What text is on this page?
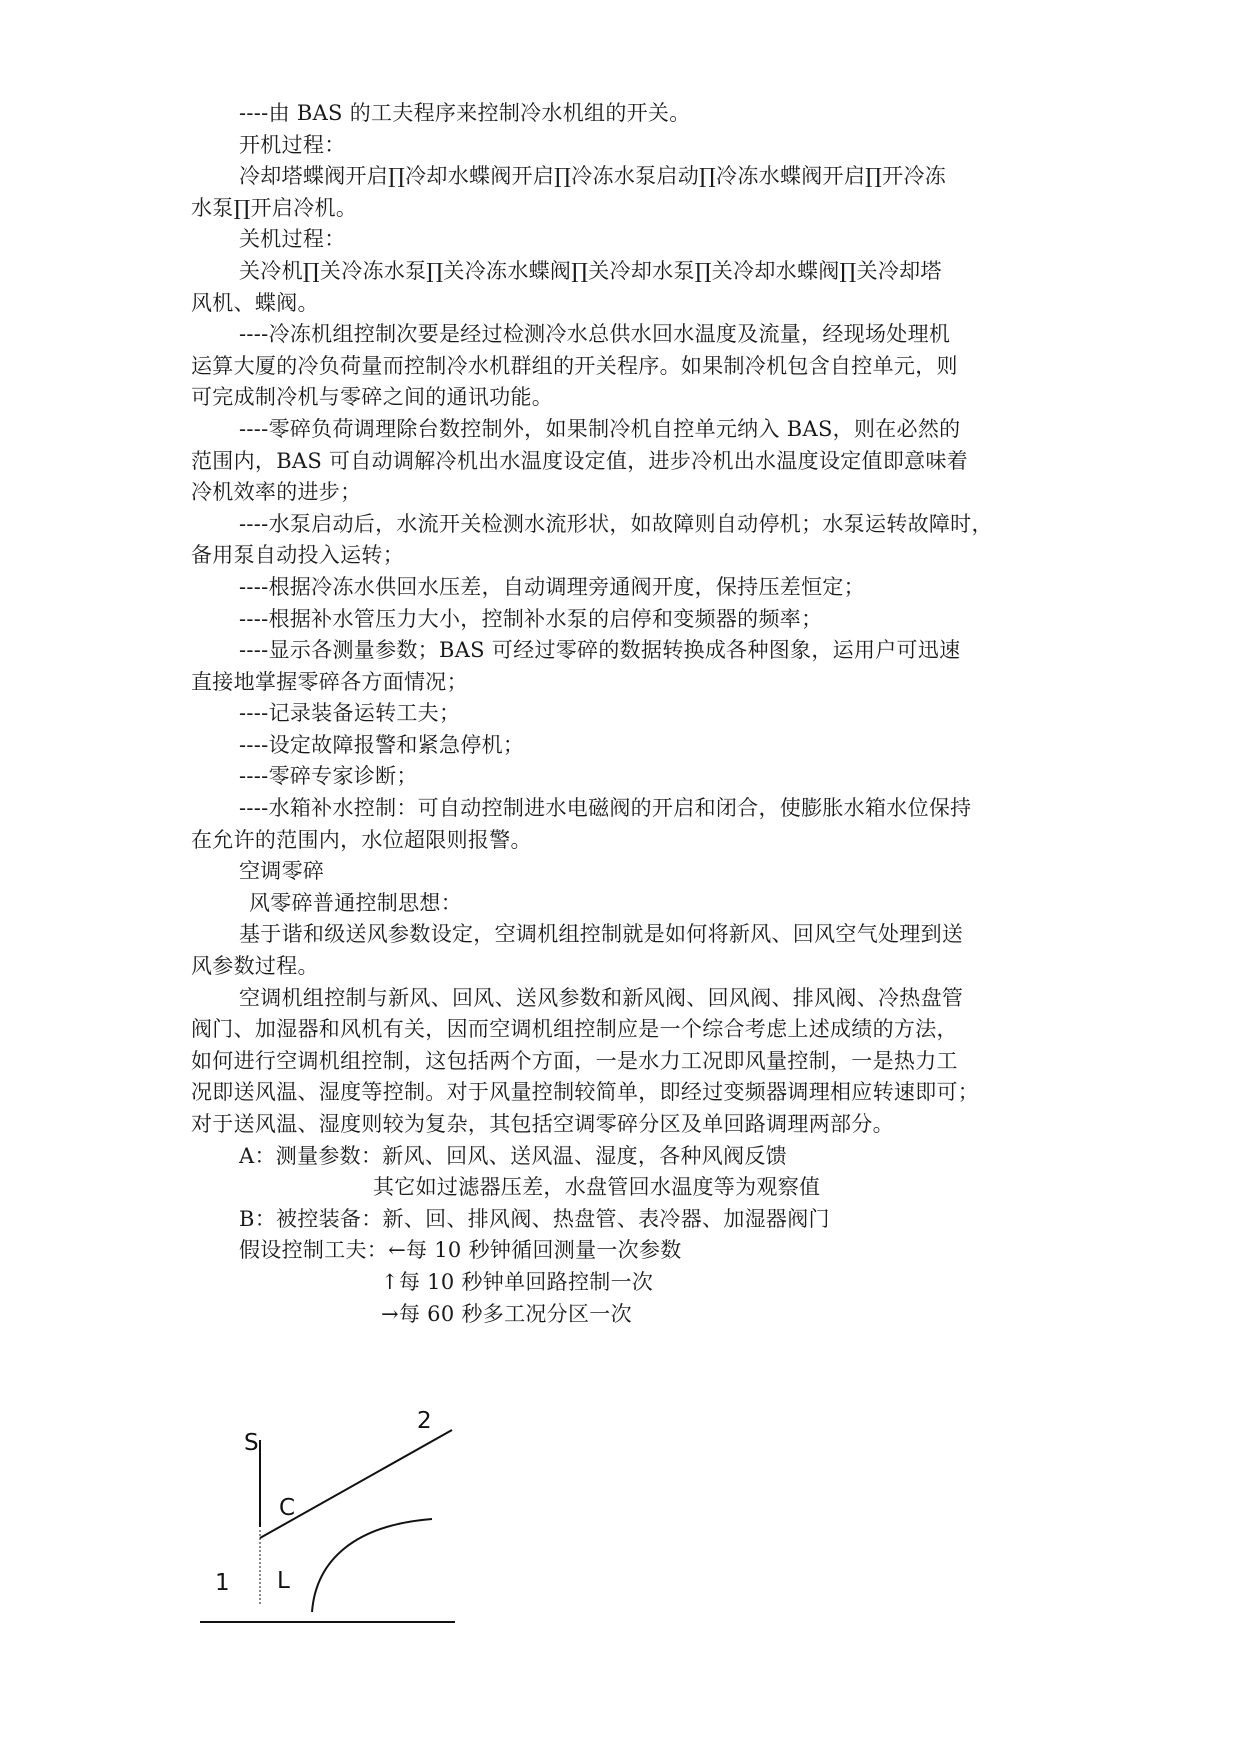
----由 BAS 的工夫程序来控制冷水机组的开关。
开机过程：
冷却塔蝶阀开启∏冷却水蝶阀开启∏冷冻水泵启动∏冷冻水蝶阀开启∏开冷冻
水泵∏开启冷机。
关机过程：
关冷机∏关冷冻水泵∏关冷冻水蝶阀∏关冷却水泵∏关冷却水蝶阀∏关冷却塔
风机、蝶阀。
----冷冻机组控制次要是经过检测冷水总供水回水温度及流量，经现场处理机
运算大厦的冷负荷量而控制冷水机群组的开关程序。如果制冷机包含自控单元，则
可完成制冷机与零碎之间的通讯功能。
----零碎负荷调理除台数控制外，如果制冷机自控单元纳入 BAS，则在必然的
范围内，BAS 可自动调解冷机出水温度设定值，进步冷机出水温度设定值即意味着
冷机效率的进步；
----水泵启动后，水流开关检测水流形状，如故障则自动停机；水泵运转故障时，
备用泵自动投入运转；
----根据冷冻水供回水压差，自动调理旁通阀开度，保持压差恒定；
----根据补水管压力大小，控制补水泵的启停和变频器的频率；
----显示各测量参数；BAS 可经过零碎的数据转换成各种图象，运用户可迅速
直接地掌握零碎各方面情况；
----记录装备运转工夫；
----设定故障报警和紧急停机；
----零碎专家诊断；
----水箱补水控制：可自动控制进水电磁阀的开启和闭合，使膨胀水箱水位保持
在允许的范围内，水位超限则报警。
空调零碎
风零碎普通控制思想：
基于谐和级送风参数设定，空调机组控制就是如何将新风、回风空气处理到送
风参数过程。
空调机组控制与新风、回风、送风参数和新风阀、回风阀、排风阀、冷热盘管
阀门、加湿器和风机有关，因而空调机组控制应是一个综合考虑上述成绩的方法，
如何进行空调机组控制，这包括两个方面，一是水力工况即风量控制，一是热力工
况即送风温、湿度等控制。对于风量控制较简单，即经过变频器调理相应转速即可；
对于送风温、湿度则较为复杂，其包括空调零碎分区及单回路调理两部分。
A：测量参数：新风、回风、送风温、湿度，各种风阀反馈
其它如过滤器压差，水盘管回水温度等为观察值
B：被控装备：新、回、排风阀、热盘管、表冷器、加湿器阀门
假设控制工夫：←每 10 秒钟循回测量一次参数
↑每 10 秒钟单回路控制一次
→每 60 秒多工况分区一次
S
2
C
1 L
